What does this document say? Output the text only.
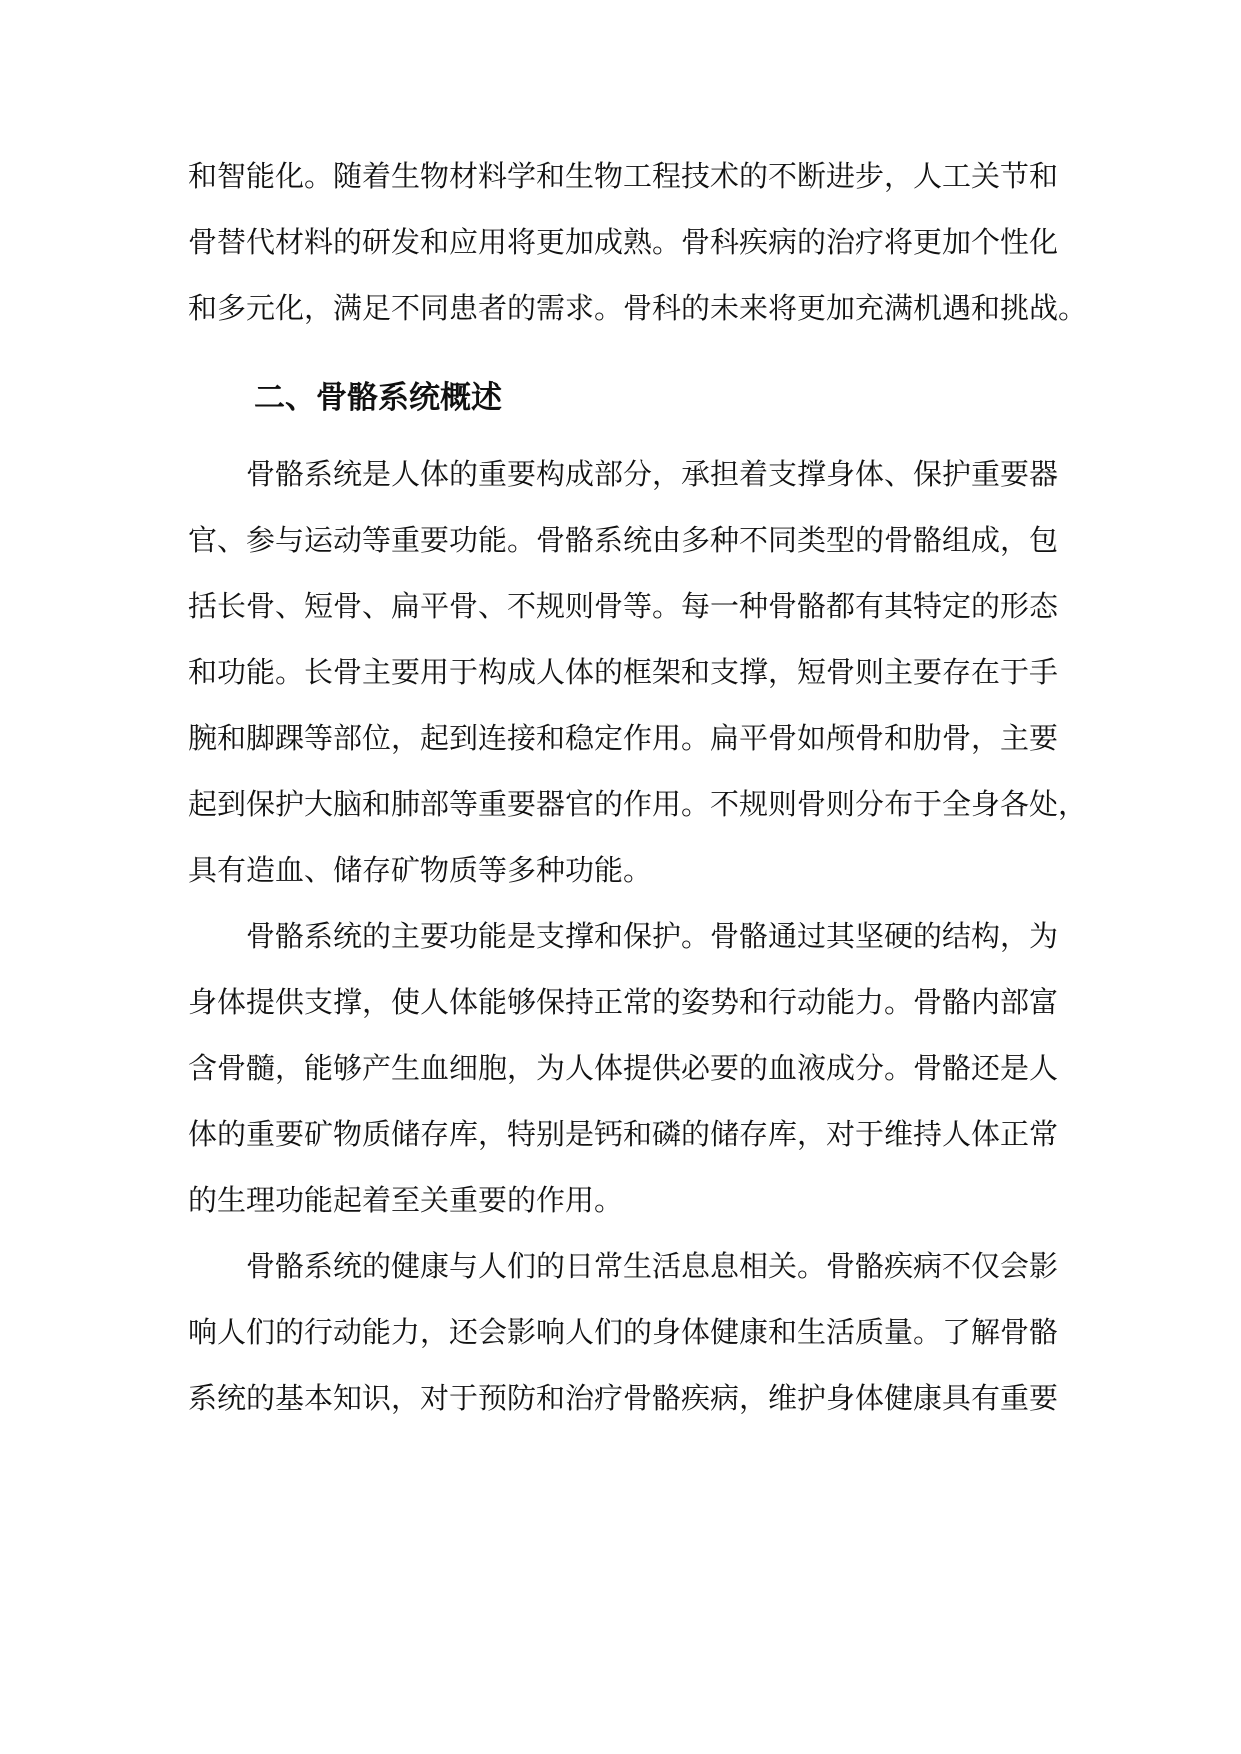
和智能化。随着生物材料学和生物工程技术的不断进步，人工关节和
骨替代材料的研发和应用将更加成熟。骨科疾病的治疗将更加个性化
和多元化，满足不同患者的需求。骨科的未来将更加充满机遇和挑战。
二、骨骼系统概述
骨骼系统是人体的重要构成部分，承担着支撑身体、保护重要器
官、参与运动等重要功能。骨骼系统由多种不同类型的骨骼组成，包
括长骨、短骨、扁平骨、不规则骨等。每一种骨骼都有其特定的形态
和功能。长骨主要用于构成人体的框架和支撑，短骨则主要存在于手
腕和脚踝等部位，起到连接和稳定作用。扁平骨如颅骨和肋骨，主要
起到保护大脑和肺部等重要器官的作用。不规则骨则分布于全身各处，
具有造血、储存矿物质等多种功能。
骨骼系统的主要功能是支撑和保护。骨骼通过其坚硬的结构，为
身体提供支撑，使人体能够保持正常的姿势和行动能力。骨骼内部富
含骨髓，能够产生血细胞，为人体提供必要的血液成分。骨骼还是人
体的重要矿物质储存库，特别是钙和磷的储存库，对于维持人体正常
的生理功能起着至关重要的作用。
骨骼系统的健康与人们的日常生活息息相关。骨骼疾病不仅会影
响人们的行动能力，还会影响人们的身体健康和生活质量。了解骨骼
系统的基本知识，对于预防和治疗骨骼疾病，维护身体健康具有重要
